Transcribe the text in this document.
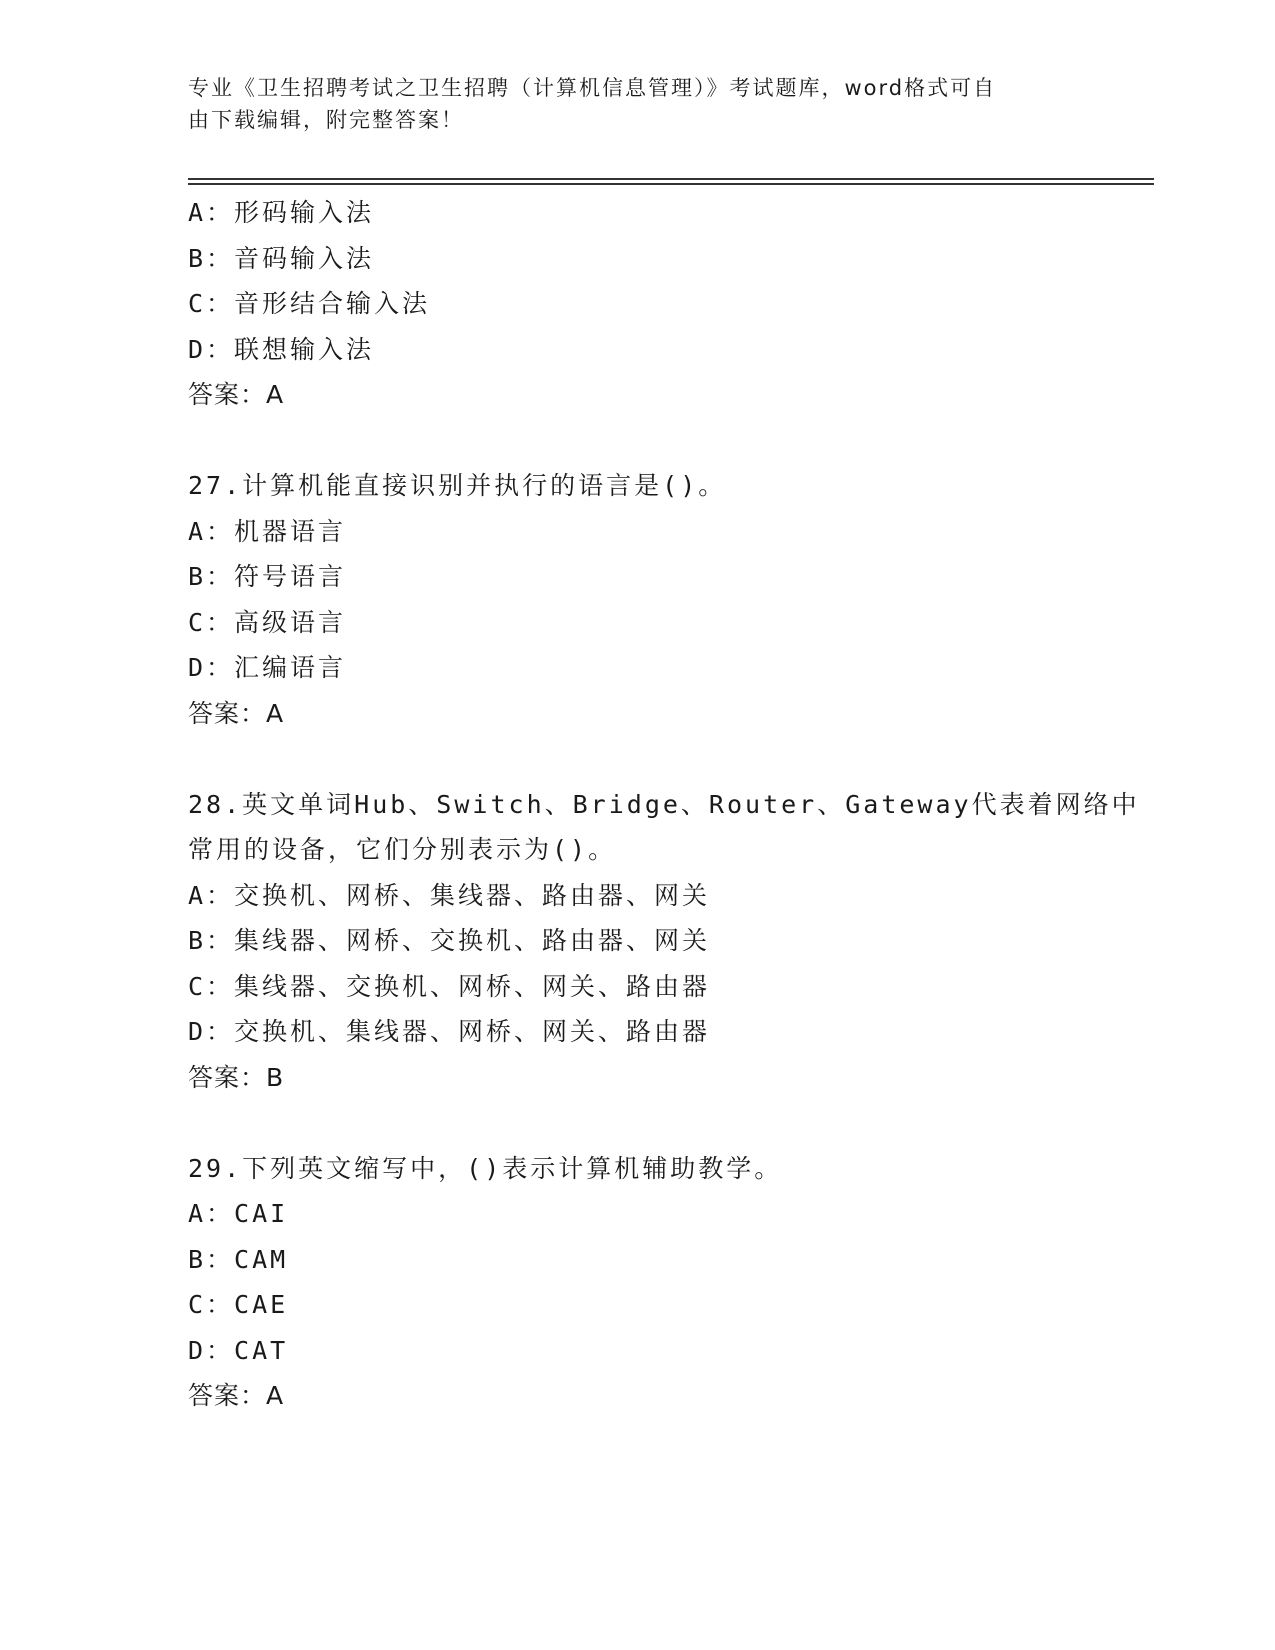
专业《卫生招聘考试之卫生招聘（计算机信息管理）》考试题库，word格式可自
由下载编辑，附完整答案！
A：形码输入法
B：音码输入法
C：音形结合输入法
D：联想输入法
答案：A
27.计算机能直接识别并执行的语言是()。
A：机器语言
B：符号语言
C：高级语言
D：汇编语言
答案：A
28.英文单词Hub、Switch、Bridge、Router、Gateway代表着网络中
常用的设备，它们分别表示为()。
A：交换机、网桥、集线器、路由器、网关
B：集线器、网桥、交换机、路由器、网关
C：集线器、交换机、网桥、网关、路由器
D：交换机、集线器、网桥、网关、路由器
答案：B
29.下列英文缩写中，()表示计算机辅助教学。
A：CAI
B：CAM
C：CAE
D：CAT
答案：A
